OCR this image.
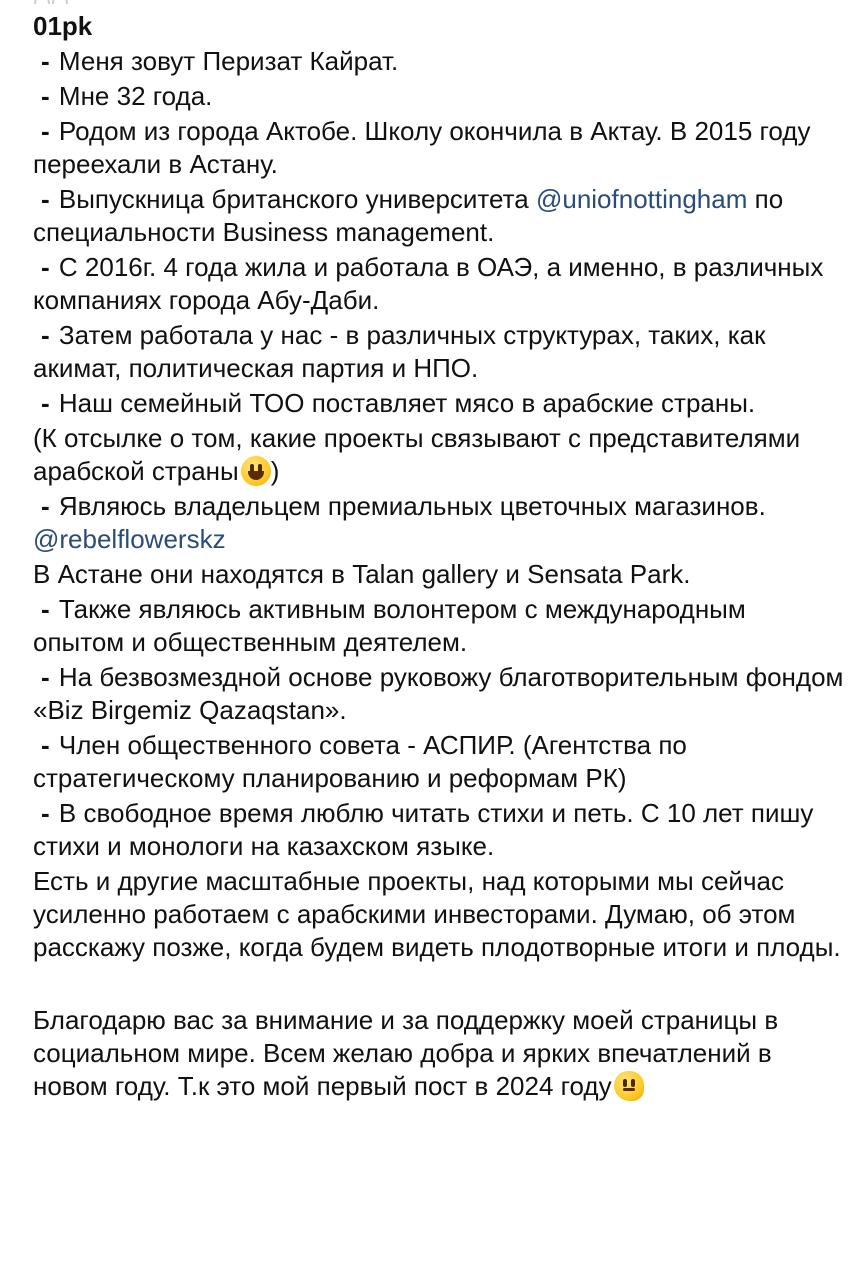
01pk

- Меня зовут Перизат Кайрат.

- Мне 32 года.

- Родом из города Актобе. Школу окончила в Актау. В 2015 году переехали в Астану.

- Выпускница британского университета @uniofnottingham по специальности Business management.

- С 2016г. 4 года жила и работала в ОАЭ, а именно, в различных компаниях города Абу-Даби.

- Затем работала у нас - в различных структурах, таких, как акимат, политическая партия и НПО.

- Наш семейный ТОО поставляет мясо в арабские страны.

(К отсылке о том, какие проекты связывают с представителями арабской страны )

- Являюсь владельцем премиальных цветочных магазинов. @rebelflowerskz

В Астане они находятся в Talan gallery и Sensata Park.

- Также являюсь активным волонтером с международным опытом и общественным деятелем.

- На безвозмездной основе руковожу благотворительным фондом «Biz Birgemiz Qazaqstan».

- Член общественного совета - АСПИР. (Агентства по стратегическому планированию и реформам РК)

- В свободное время люблю читать стихи и петь. С 10 лет пишу стихи и монологи на казахском языке.

Есть и другие масштабные проекты, над которыми мы сейчас усиленно работаем с арабскими инвесторами. Думаю, об этом расскажу позже, когда будем видеть плодотворные итоги и плоды.

Благодарю вас за внимание и за поддержку моей страницы в социальном мире. Всем желаю добра и ярких впечатлений в новом году. Т.к это мой первый пост в 2024 году
